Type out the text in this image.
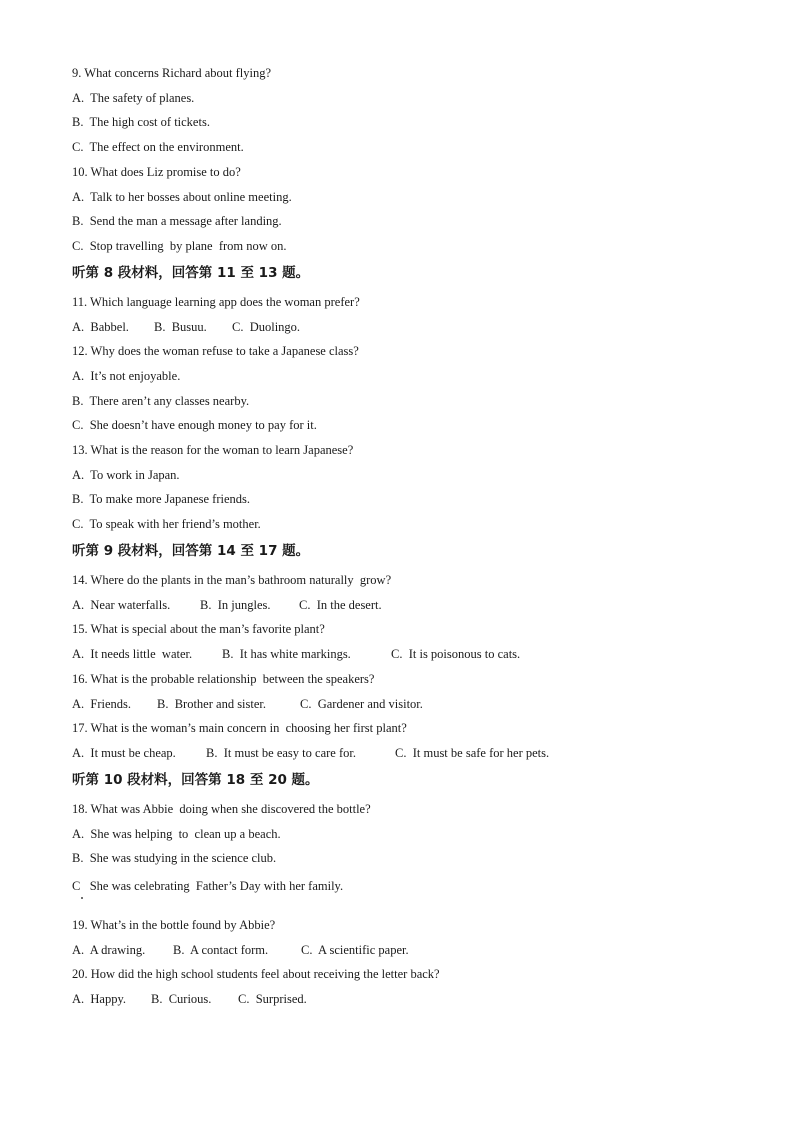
9. What concerns Richard about flying?

A.  The safety of planes.

B.  The high cost of tickets.

C.  The effect on the environment.

10. What does Liz promise to do?

A.  Talk to her bosses about online meeting.

B.  Send the man a message after landing.

C.  Stop travelling  by plane  from now on.

听第 8 段材料，回答第 11 至 13 题。

11. Which language learning app does the woman prefer?

A.  Babbel.

B.  Busuu.

C.  Duolingo.

12. Why does the woman refuse to take a Japanese class?

A.  It’s not enjoyable.

B.  There aren’t any classes nearby.

C.  She doesn’t have enough money to pay for it.

13. What is the reason for the woman to learn Japanese?

A.  To work in Japan.

B.  To make more Japanese friends.

C.  To speak with her friend’s mother.

听第 9 段材料，回答第 14 至 17 题。

14. Where do the plants in the man’s bathroom naturally  grow?

A.  Near waterfalls.

B.  In jungles.

C.  In the desert.

15. What is special about the man’s favorite plant?

A.  It needs little  water.

B.  It has white markings.

	C.  It is poisonous to cats.

16. What is the probable relationship  between the speakers?

A.  Friends.

B.  Brother and sister.

	C.  Gardener and visitor.

17. What is the woman’s main concern in  choosing her first plant?

A.  It must be cheap.

B.  It must be easy to care for.

	C.  It must be safe for her pets.

听第 10 段材料，回答第 18 至 20 题。

18. What was Abbie  doing when she discovered the bottle?

A.  She was helping  to  clean up a beach.

B.  She was studying in the science club.

C   She was celebrating  Father’s Day with her family.

19. What’s in the bottle found by Abbie?

A.  A drawing.

B.  A contact form.

	C.  A scientific paper.

20. How did the high school students feel about receiving the letter back?

A.  Happy.

B.  Curious.

C.  Surprised.
